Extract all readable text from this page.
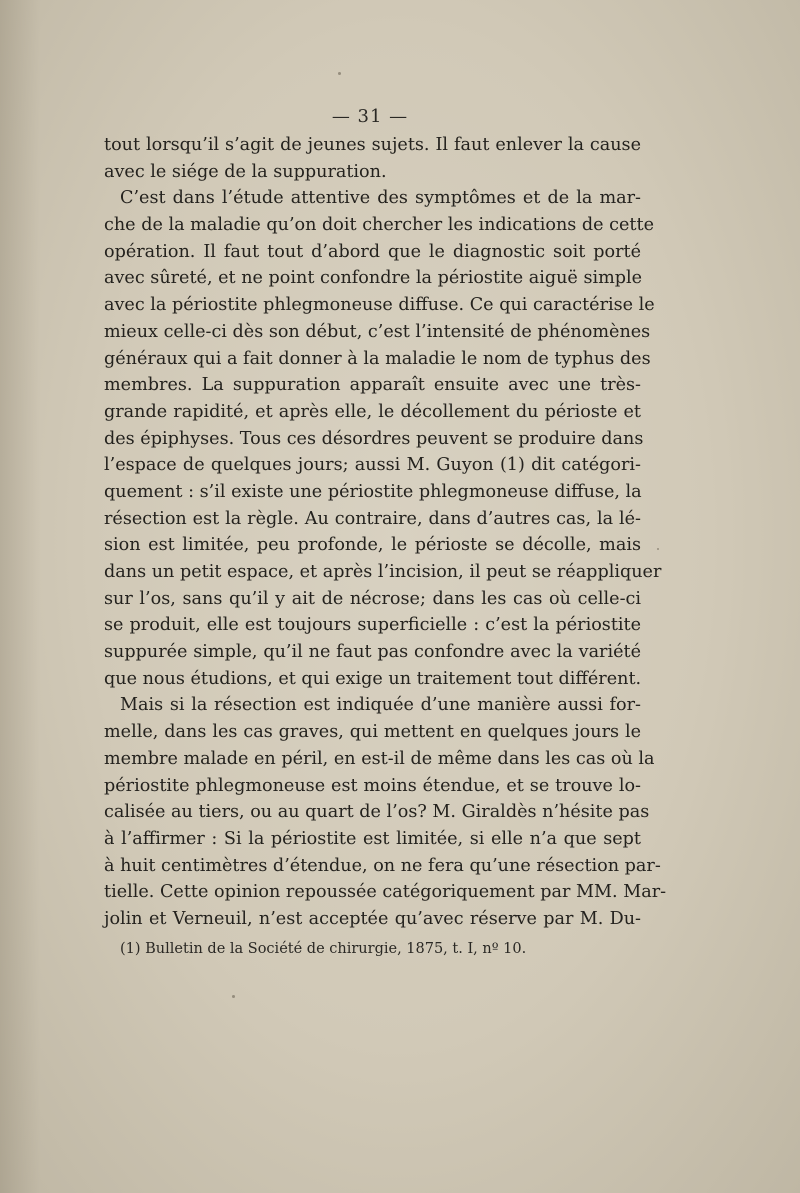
— 31 —
tout lorsqu’il s’agit de jeunes sujets. Il faut enlever la cause
avec le siége de la suppuration.
C’est dans l’étude attentive des symptômes et de la mar-
che de la maladie qu’on doit chercher les indications de cette
opération. Il faut tout d’abord que le diagnostic soit porté
avec sûreté, et ne point confondre la périostite aiguë simple
avec la périostite phlegmoneuse diffuse. Ce qui caractérise le
mieux celle-ci dès son début, c’est l’intensité de phénomènes
généraux qui a fait donner à la maladie le nom de typhus des
membres. La suppuration apparaît ensuite avec une très-
grande rapidité, et après elle, le décollement du périoste et
des épiphyses. Tous ces désordres peuvent se produire dans
l’espace de quelques jours; aussi M. Guyon (1) dit catégori-
quement : s’il existe une périostite phlegmoneuse diffuse, la
résection est la règle. Au contraire, dans d’autres cas, la lé-
sion est limitée, peu profonde, le périoste se décolle, mais
dans un petit espace, et après l’incision, il peut se réappliquer
sur l’os, sans qu’il y ait de nécrose; dans les cas où celle-ci
se produit, elle est toujours superficielle : c’est la périostite
suppurée simple, qu’il ne faut pas confondre avec la variété
que nous étudions, et qui exige un traitement tout différent.
Mais si la résection est indiquée d’une manière aussi for-
melle, dans les cas graves, qui mettent en quelques jours le
membre malade en péril, en est-il de même dans les cas où la
périostite phlegmoneuse est moins étendue, et se trouve lo-
calisée au tiers, ou au quart de l’os? M. Giraldès n’hésite pas
à l’affirmer : Si la périostite est limitée, si elle n’a que sept
à huit centimètres d’étendue, on ne fera qu’une résection par-
tielle. Cette opinion repoussée catégoriquement par MM. Mar-
jolin et Verneuil, n’est acceptée qu’avec réserve par M. Du-
(1) Bulletin de la Société de chirurgie, 1875, t. I, nº 10.
